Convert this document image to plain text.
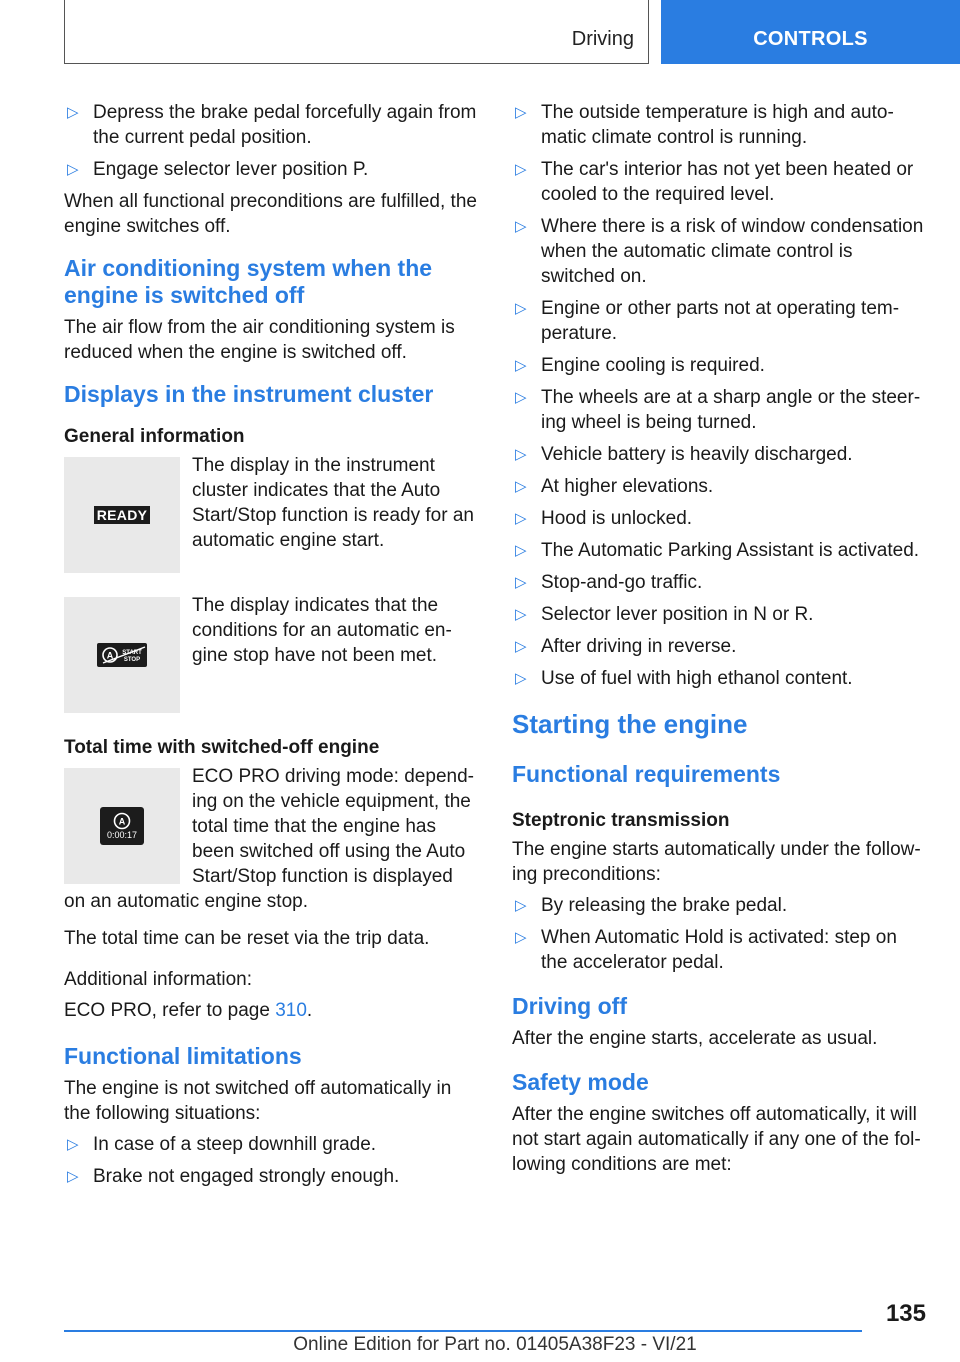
Driving	CONTROLS
▷ Depress the brake pedal forcefully again from the current pedal position.
▷ Engage selector lever position P.

When all functional preconditions are fulfilled, the engine switches off.

Air conditioning system when the engine is switched off

The air flow from the air conditioning system is reduced when the engine is switched off.

Displays in the instrument cluster
General information
READY

The display in the instrument cluster indicates that the Auto Start/Stop function is ready for an automatic engine start.

A START
STOP

The display indicates that the conditions for an automatic en-gine stop have not been met.

Total time with switched-off engine
A
0:00:17

ECO PRO driving mode: depend-ing on the vehicle equipment, the total time that the engine has been switched off using the Auto Start/Stop function is displayed on an automatic engine stop.

The total time can be reset via the trip data.

Additional information:

ECO PRO, refer to page 310.

Functional limitations

The engine is not switched off automatically in the following situations:

▷ In case of a steep downhill grade.
▷ Brake not engaged strongly enough.
▷ The outside temperature is high and auto-matic climate control is running.
▷ The car's interior has not yet been heated or cooled to the required level.
▷ Where there is a risk of window condensation when the automatic climate control is switched on.
▷ Engine or other parts not at operating tem-perature.
▷ Engine cooling is required.
▷ The wheels are at a sharp angle or the steer-ing wheel is being turned.
▷ Vehicle battery is heavily discharged.
▷ At higher elevations.
▷ Hood is unlocked.
▷ The Automatic Parking Assistant is activated.
▷ Stop-and-go traffic.
▷ Selector lever position in N or R.
▷ After driving in reverse.
▷ Use of fuel with high ethanol content.
Starting the engine
Functional requirements
Steptronic transmission

The engine starts automatically under the follow-ing preconditions:

▷ By releasing the brake pedal.
▷ When Automatic Hold is activated: step on the accelerator pedal.
Driving off

After the engine starts, accelerate as usual.

Safety mode

After the engine switches off automatically, it will not start again automatically if any one of the fol-lowing conditions are met:

135
Online Edition for Part no. 01405A38F23 - VI/21
